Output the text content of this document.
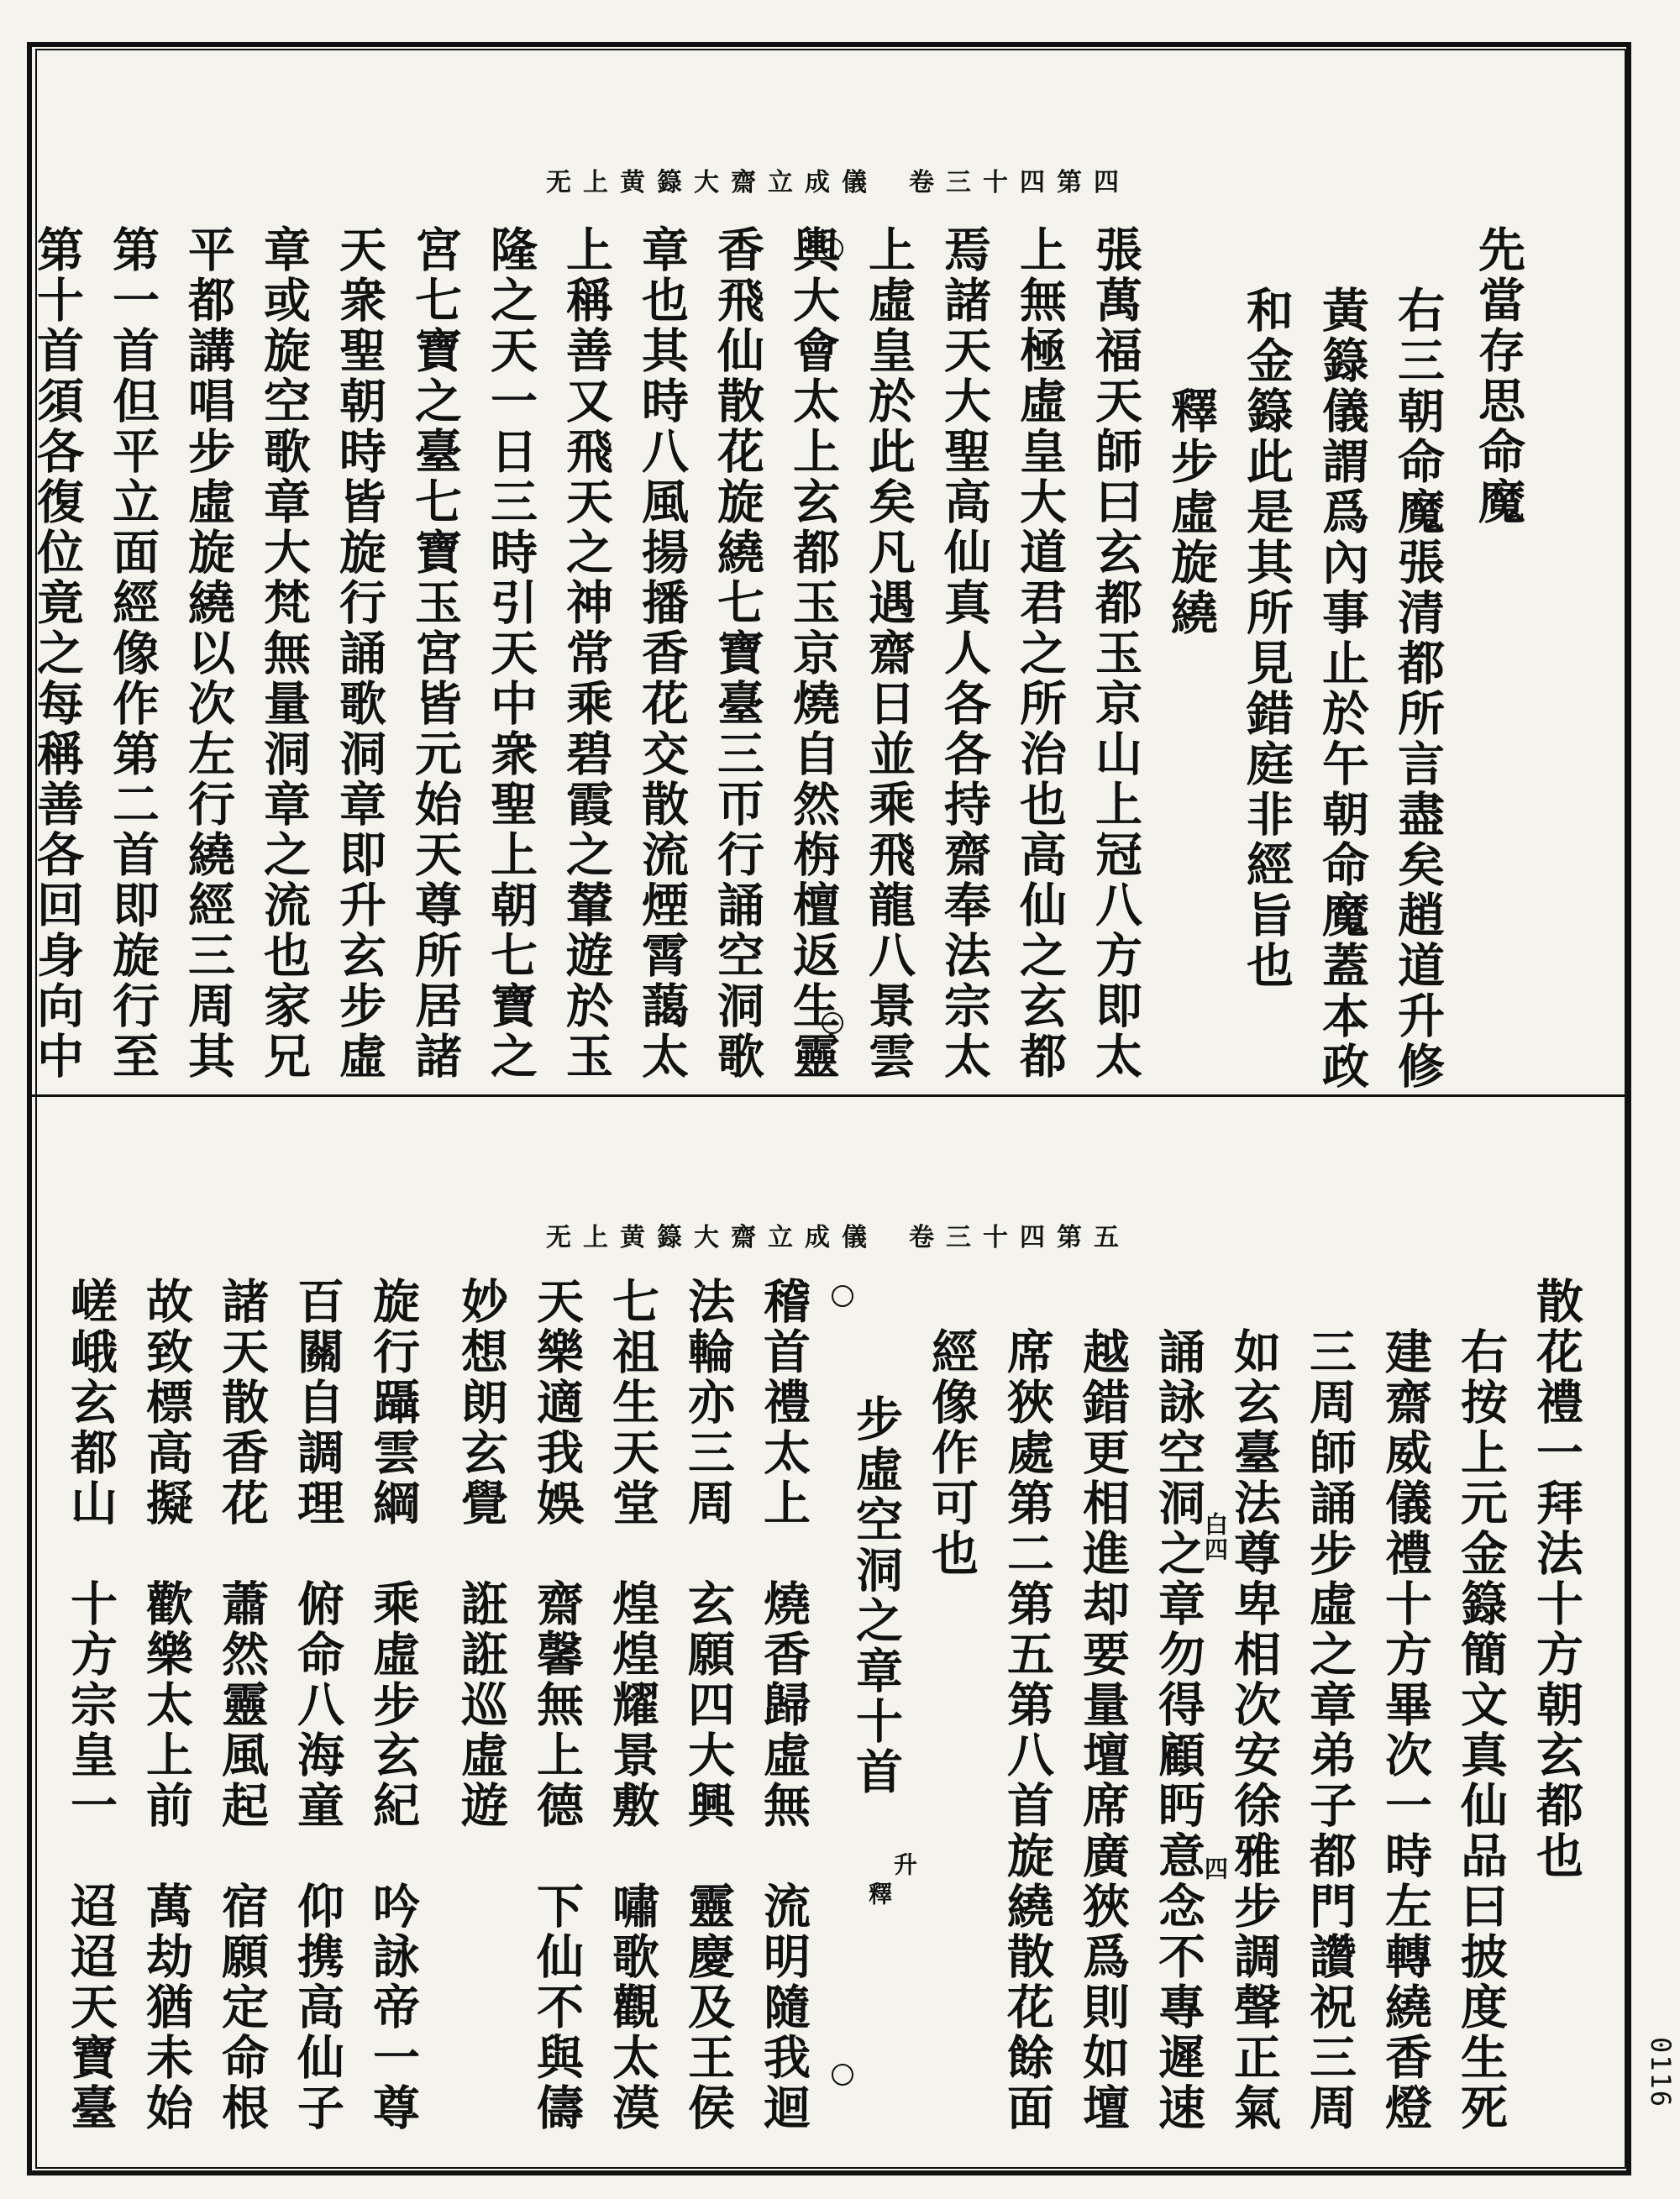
无上黄籙大齋立成儀 卷三十四第四
先當存思命魔
右三朝命魔張清都所言盡矣趙道升修
黃籙儀謂爲內事止於午朝命魔蓋本政
和金籙此是其所見錯庭非經旨也
釋步虛旋繞
張萬福天師曰玄都玉京山上冠八方即太
上無極虛皇大道君之所治也高仙之玄都
焉諸天大聖高仙真人各各持齋奉法宗太
上虛皇於此矣凡遇齋日並乘飛龍八景雲
輿大會太上玄都玉京燒自然栴檀返生靈
香飛仙散花旋繞七寶臺三帀行誦空洞歌
章也其時八風揚播香花交散流煙霄藹太
上稱善又飛天之神常乘碧霞之輦遊於玉
隆之天一日三時引天中衆聖上朝七寶之
宮七寶之臺七寶玉宮皆元始天尊所居諸
天衆聖朝時皆旋行誦歌洞章即升玄步虛
章或旋空歌章大梵無量洞章之流也家兄
平都講唱步虛旋繞以次左行繞經三周其
第一首但平立面經像作第二首即旋行至
第十首須各復位竟之每稱善各回身向中
无上黄籙大齋立成儀 卷三十四第五
散花禮一拜法十方朝玄都也
右按上元金籙簡文真仙品曰披度生死
建齋威儀禮十方畢次一時左轉繞香燈
三周師誦步虛之章弟子都門讚祝三周
如玄臺法尊卑相次安徐雅步調聲正氣
誦詠空洞之章勿得顧眄意念不專遲速
越錯更相進却要量壇席廣狹爲則如壇
席狹處第二第五第八首旋繞散花餘面
經像作可也
步虛空洞之章十首
稽首禮太上　燒香歸虛無　流明隨我迴
法輪亦三周　玄願四大興　靈慶及王侯
七祖生天堂　煌煌耀景敷　嘯歌觀太漠
天樂適我娛　齋馨無上德　下仙不與儔
妙想朗玄覺　誑誑巡虛遊
旋行躡雲綱　乘虛步玄紀　吟詠帝一尊
百關自調理　俯命八海童　仰携高仙子
諸天散香花　蕭然靈風起　宿願定命根
故致標高擬　歡樂太上前　萬劫猶未始
嵯峨玄都山　十方宗皇一　迢迢天寶臺	白四
四
升
釋
0116
